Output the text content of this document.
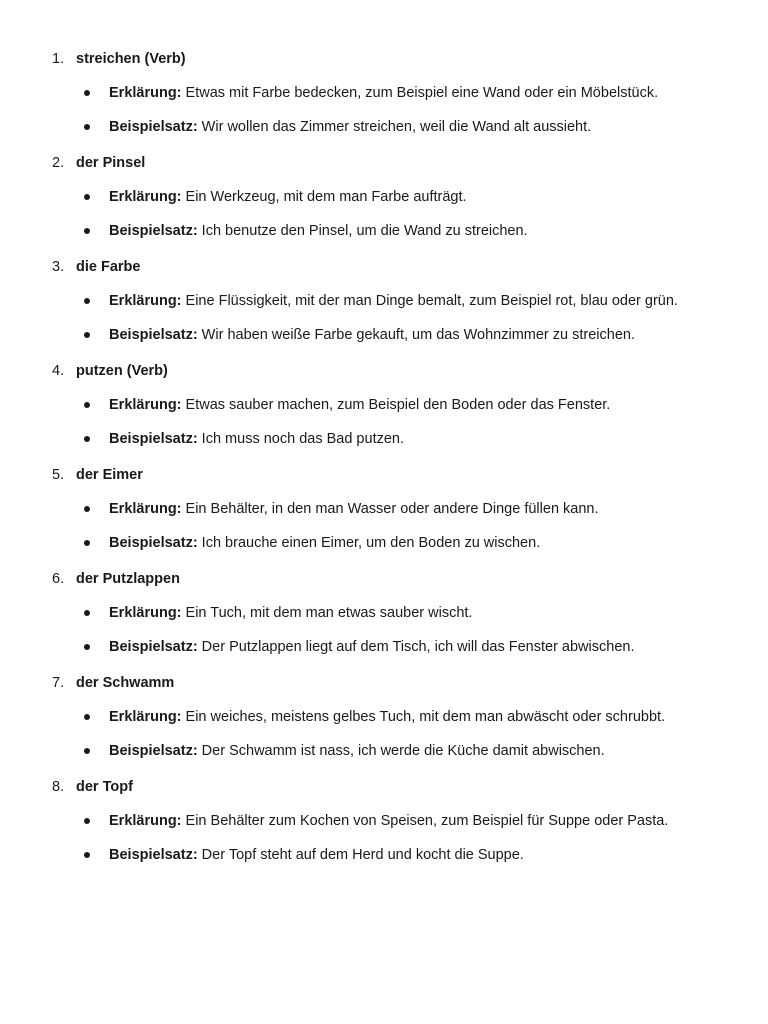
1. streichen (Verb)
Erklärung: Etwas mit Farbe bedecken, zum Beispiel eine Wand oder ein Möbelstück.
Beispielsatz: Wir wollen das Zimmer streichen, weil die Wand alt aussieht.
2. der Pinsel
Erklärung: Ein Werkzeug, mit dem man Farbe aufträgt.
Beispielsatz: Ich benutze den Pinsel, um die Wand zu streichen.
3. die Farbe
Erklärung: Eine Flüssigkeit, mit der man Dinge bemalt, zum Beispiel rot, blau oder grün.
Beispielsatz: Wir haben weiße Farbe gekauft, um das Wohnzimmer zu streichen.
4. putzen (Verb)
Erklärung: Etwas sauber machen, zum Beispiel den Boden oder das Fenster.
Beispielsatz: Ich muss noch das Bad putzen.
5. der Eimer
Erklärung: Ein Behälter, in den man Wasser oder andere Dinge füllen kann.
Beispielsatz: Ich brauche einen Eimer, um den Boden zu wischen.
6. der Putzlappen
Erklärung: Ein Tuch, mit dem man etwas sauber wischt.
Beispielsatz: Der Putzlappen liegt auf dem Tisch, ich will das Fenster abwischen.
7. der Schwamm
Erklärung: Ein weiches, meistens gelbes Tuch, mit dem man abwäscht oder schrubbt.
Beispielsatz: Der Schwamm ist nass, ich werde die Küche damit abwischen.
8. der Topf
Erklärung: Ein Behälter zum Kochen von Speisen, zum Beispiel für Suppe oder Pasta.
Beispielsatz: Der Topf steht auf dem Herd und kocht die Suppe.
